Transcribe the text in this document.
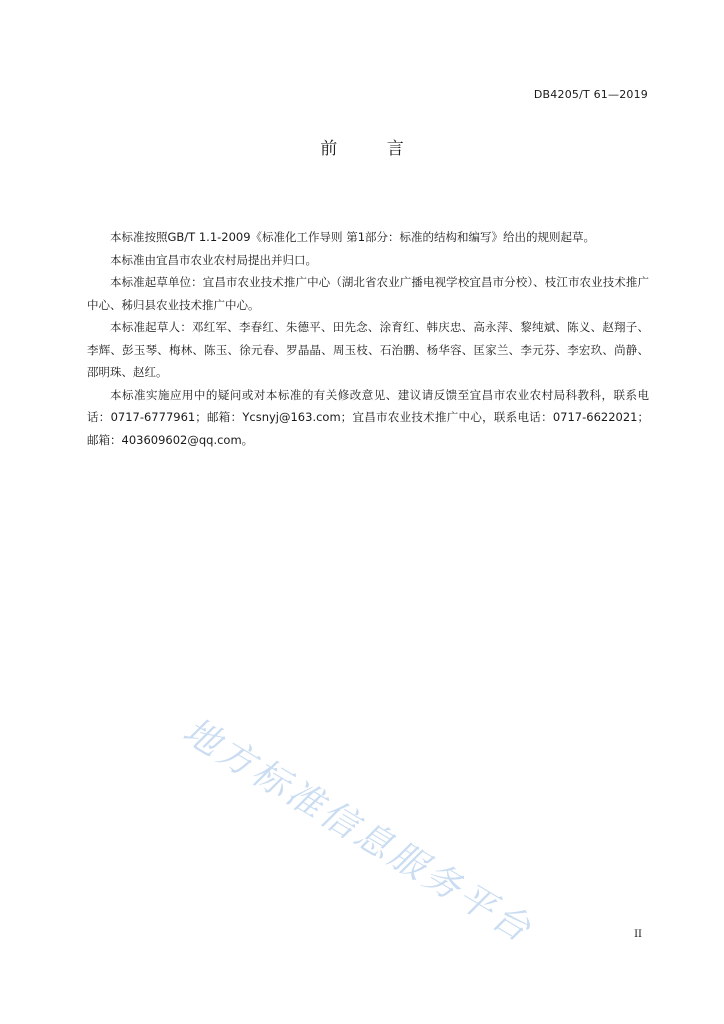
DB4205/T 61—2019
前 言

本标准按照GB/T 1.1-2009《标准化工作导则 第1部分：标准的结构和编写》给出的规则起草。

本标准由宜昌市农业农村局提出并归口。

本标准起草单位：宜昌市农业技术推广中心（湖北省农业广播电视学校宜昌市分校）、枝江市农业技术推广中心、秭归县农业技术推广中心。

本标准起草人：邓红军、李春红、朱德平、田先念、涂育红、韩庆忠、高永萍、黎纯斌、陈义、赵翔子、李辉、彭玉琴、梅林、陈玉、徐元春、罗晶晶、周玉枝、石治鹏、杨华容、匡家兰、李元芬、李宏玖、尚静、邵明珠、赵红。

本标准实施应用中的疑问或对本标准的有关修改意见、建议请反馈至宜昌市农业农村局科教科，联系电话：0717-6777961；邮箱：Ycsnyj@163.com；宜昌市农业技术推广中心，联系电话：0717-6622021；邮箱：403609602@qq.com。

地方标准信息服务平台	II
